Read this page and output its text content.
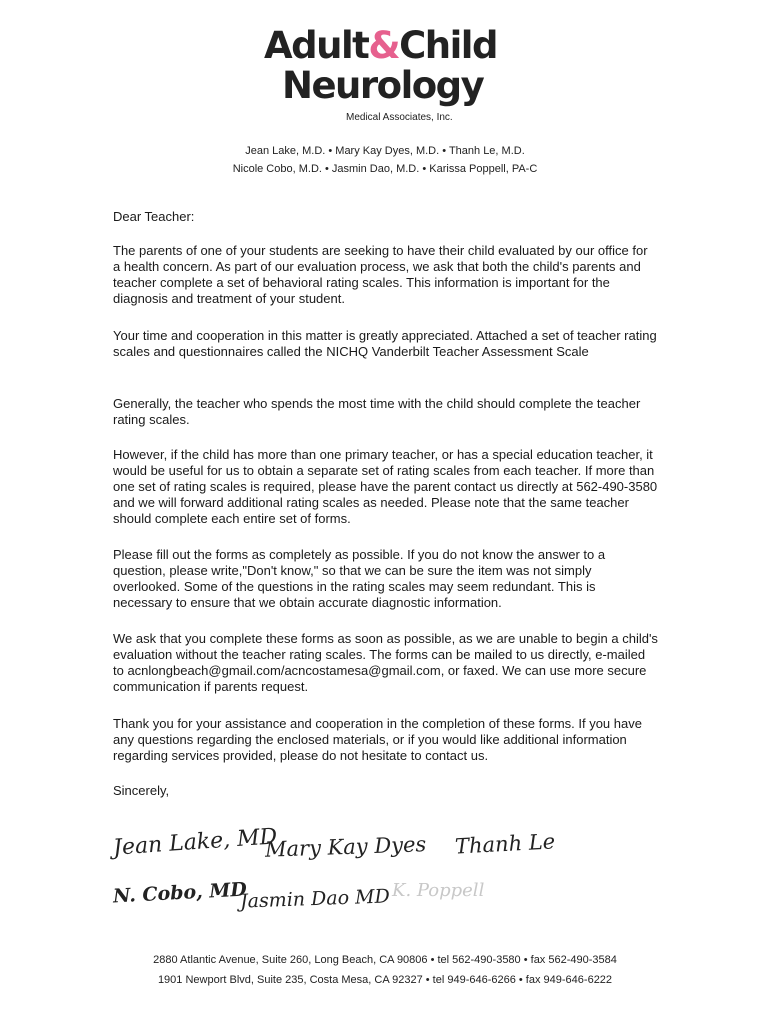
Adult&Child
Neurology
Medical Associates, Inc.
Jean Lake, M.D. • Mary Kay Dyes, M.D. • Thanh Le, M.D.
Nicole Cobo, M.D. • Jasmin Dao, M.D. • Karissa Poppell, PA-C
Dear Teacher:
The parents of one of your students are seeking to have their child evaluated by our office for a health concern. As part of our evaluation process, we ask that both the child's parents and teacher complete a set of behavioral rating scales. This information is important for the diagnosis and treatment of your student.
Your time and cooperation in this matter is greatly appreciated. Attached a set of teacher rating scales and questionnaires called the NICHQ Vanderbilt Teacher Assessment Scale
Generally, the teacher who spends the most time with the child should complete the teacher rating scales.
However, if the child has more than one primary teacher, or has a special education teacher, it would be useful for us to obtain a separate set of rating scales from each teacher. If more than one set of rating scales is required, please have the parent contact us directly at 562-490-3580 and we will forward additional rating scales as needed. Please note that the same teacher should complete each entire set of forms.
Please fill out the forms as completely as possible. If you do not know the answer to a question, please write,"Don't know," so that we can be sure the item was not simply overlooked. Some of the questions in the rating scales may seem redundant. This is necessary to ensure that we obtain accurate diagnostic information.
We ask that you complete these forms as soon as possible, as we are unable to begin a child's evaluation without the teacher rating scales. The forms can be mailed to us directly, e-mailed to acnlongbeach@gmail.com/acncostamesa@gmail.com, or faxed. We can use more secure communication if parents request.
Thank you for your assistance and cooperation in the completion of these forms. If you have any questions regarding the enclosed materials, or if you would like additional information regarding services provided, please do not hesitate to contact us.
Sincerely,
Jean Lake, MD
Mary Kay Dyes Thanh Le
N. Cobo, MD
Jasmin Dao MD K. Poppell
2880 Atlantic Avenue, Suite 260, Long Beach, CA 90806 • tel 562-490-3580 • fax 562-490-3584
1901 Newport Blvd, Suite 235, Costa Mesa, CA 92327 • tel 949-646-6266 • fax 949-646-6222
